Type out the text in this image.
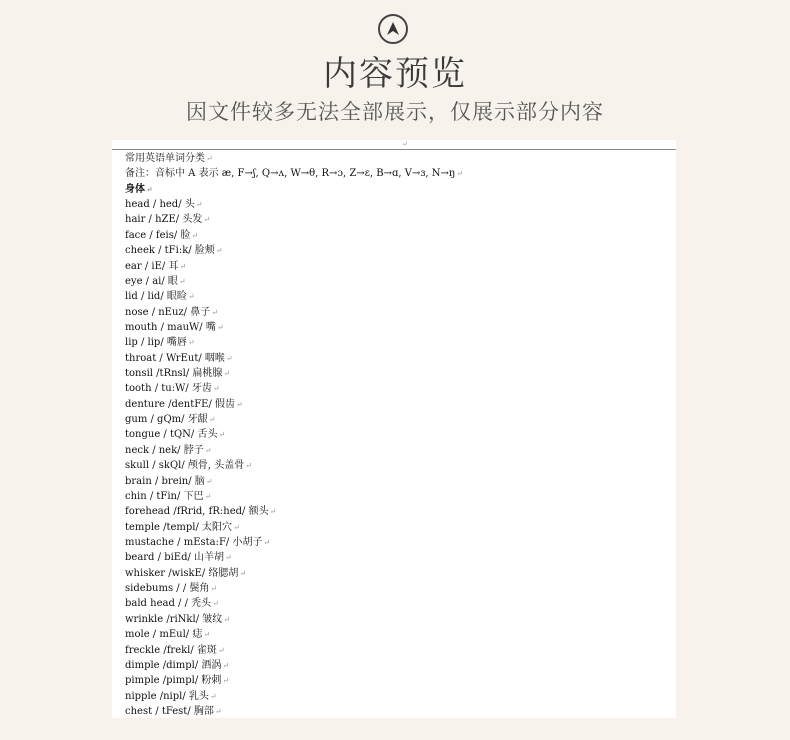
内容预览
因文件较多无法全部展示，仅展示部分内容
↵
常用英语单词分类↵
备注：音标中 A 表示 æ, F→ʃ, Q→ʌ, W→θ, R→ɔ, Z→ε, B→ɑ, V→ɜ, N→ŋ↵
身体↵
head / hed/ 头↵
hair / hZE/ 头发↵
face / feis/ 脸↵
cheek / tFi:k/ 脸颊↵
ear / iE/ 耳↵
eye / ai/ 眼↵
lid / lid/ 眼睑↵
nose / nEuz/ 鼻子↵
mouth / mauW/ 嘴↵
lip / lip/ 嘴唇↵
throat / WrEut/ 咽喉↵
tonsil /tRnsl/ 扁桃腺↵
tooth / tu:W/ 牙齿↵
denture /dentFE/ 假齿↵
gum / gQm/ 牙龈↵
tongue / tQN/ 舌头↵
neck / nek/ 脖子↵
skull / skQl/ 颅骨, 头盖骨↵
brain / brein/ 脑↵
chin / tFin/ 下巴↵
forehead /fRrid, fR:hed/ 额头↵
temple /templ/ 太阳穴↵
mustache / mEsta:F/ 小胡子↵
beard / biEd/ 山羊胡↵
whisker /wiskE/ 络腮胡↵
sidebums / / 鬓角↵
bald head / / 秃头↵
wrinkle /riNkl/ 皱纹↵
mole / mEul/ 痣↵
freckle /frekl/ 雀斑↵
dimple /dimpl/ 酒涡↵
pimple /pimpl/ 粉刺↵
nipple /nipl/ 乳头↵
chest / tFest/ 胸部↵
